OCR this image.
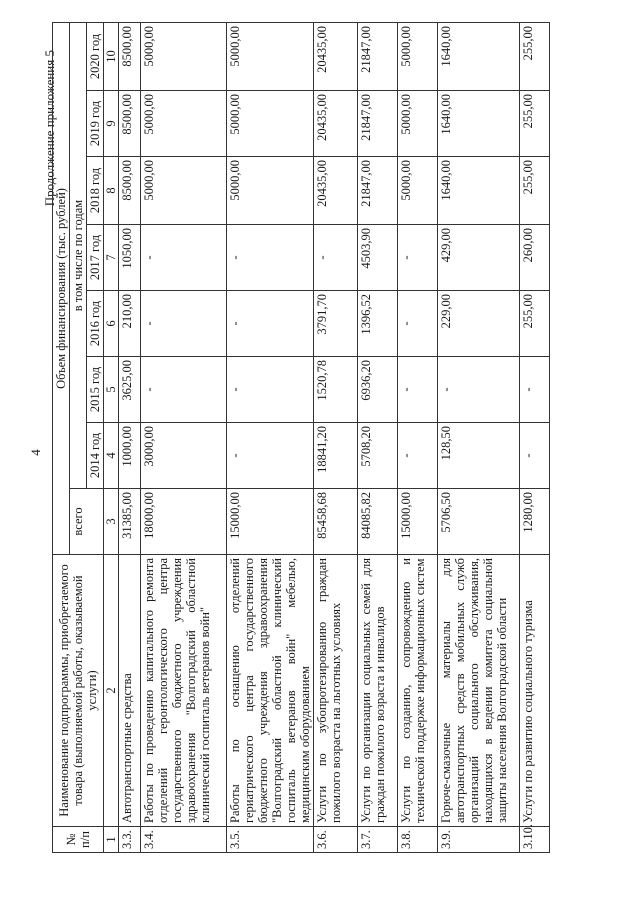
4
Продолжение приложения 5
№
п/п	Наименование подпрограммы, приобретаемого товара (выполняемой работы, оказываемой услуги)	Объем финансирования (тыс. рублей)							
		всего	в том числе по годам						
			2014 год	2015 год	2016 год	2017 год	2018 год	2019 год	2020 год
1	2	3	4	5	6	7	8	9	10
3.3.	Автотранспортные средства	31385,00	1000,00	3625,00	210,00	1050,00	8500,00	8500,00	8500,00
3.4.	Работы по проведению капитального ремонта отделений геронтологического центра государственного бюджетного учреждения здравоохранения "Волгоградский областной клинический госпиталь ветеранов войн"	18000,00	3000,00	-	-	-	5000,00	5000,00	5000,00
3.5.	Работы по оснащению отделений гериатрического центра государственного бюджетного учреждения здравоохранения "Волгоградский областной клинический госпиталь ветеранов войн" мебелью, медицинским оборудованием	15000,00	-	-	-	-	5000,00	5000,00	5000,00
3.6.	Услуги по зубопротезированию граждан пожилого возраста на льготных условиях	85458,68	18841,20	1520,78	3791,70	-	20435,00	20435,00	20435,00
3.7.	Услуги по организации социальных семей для граждан пожилого возраста и инвалидов	84085,82	5708,20	6936,20	1396,52	4503,90	21847,00	21847,00	21847,00
3.8.	Услуги по созданию, сопровождению и технической поддержке информационных систем	15000,00	-	-	-	-	5000,00	5000,00	5000,00
3.9.	Горюче-смазочные материалы для автотранспортных средств мобильных служб организаций социального обслуживания, находящихся в ведении комитета социальной защиты населения Волгоградской области	5706,50	128,50	-	229,00	429,00	1640,00	1640,00	1640,00
3.10.	Услуги по развитию социального туризма	1280,00	-	-	255,00	260,00	255,00	255,00	255,00
